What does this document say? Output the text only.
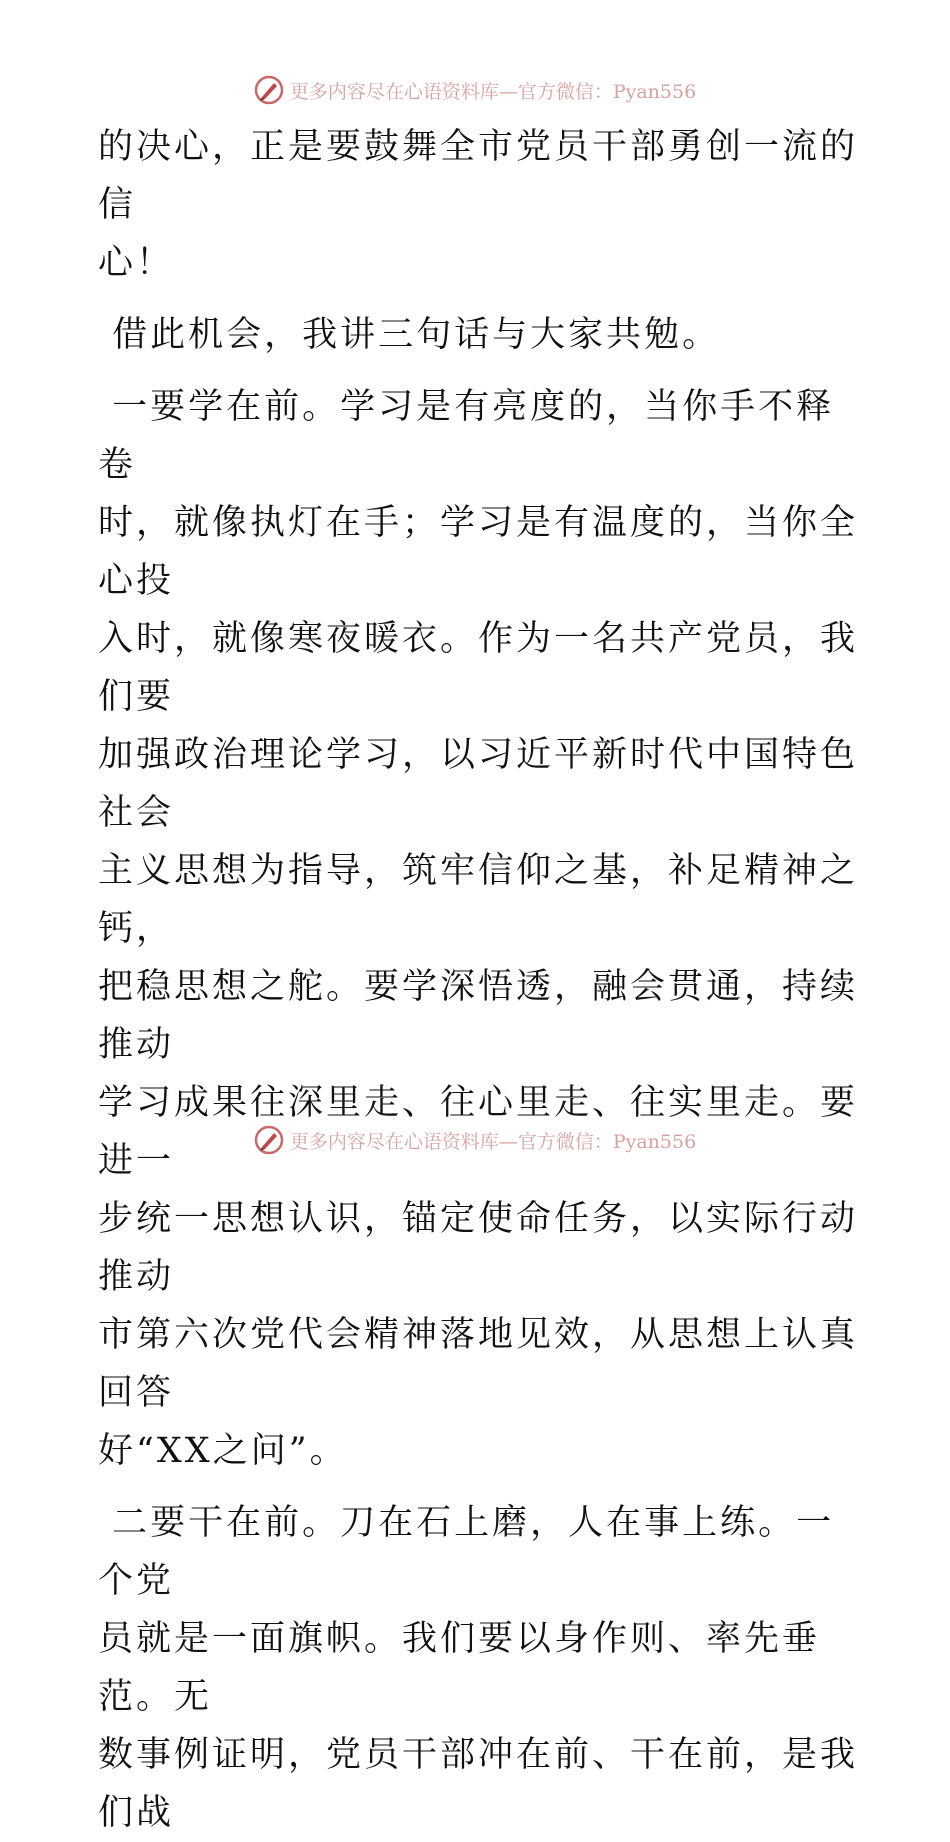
更多内容尽在心语资料库—官方微信：Pyan556

的决心，正是要鼓舞全市党员干部勇创一流的信
心！

借此机会，我讲三句话与大家共勉。

一要学在前。学习是有亮度的，当你手不释卷
时，就像执灯在手；学习是有温度的，当你全心投
入时，就像寒夜暖衣。作为一名共产党员，我们要
加强政治理论学习，以习近平新时代中国特色社会
主义思想为指导，筑牢信仰之基，补足精神之钙，
把稳思想之舵。要学深悟透，融会贯通，持续推动
学习成果往深里走、往心里走、往实里走。要进一
步统一思想认识，锚定使命任务，以实际行动推动
市第六次党代会精神落地见效，从思想上认真回答
好“XX之问”。

二要干在前。刀在石上磨，人在事上练。一个党
员就是一面旗帜。我们要以身作则、率先垂范。无
数事例证明，党员干部冲在前、干在前，是我们战

更多内容尽在心语资料库—官方微信：Pyan556
